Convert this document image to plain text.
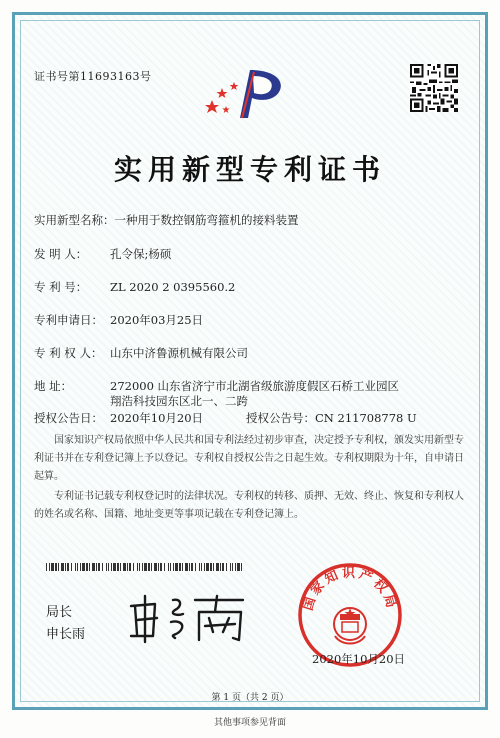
证书号第11693163号
实用新型专利证书
实用新型名称：一种用于数控钢筋弯箍机的接料装置
发 明 人： 孔令保;杨硕
专 利 号： ZL 2020 2 0395560.2
专利申请日： 2020年03月25日
专 利 权 人： 山东中济鲁源机械有限公司
地 址：	272000 山东省济宁市北湖省级旅游度假区石桥工业园区
翔浩科技园东区北一、二跨
授权公告日： 2020年10月20日	授权公告号：CN 211708778 U
国家知识产权局依照中华人民共和国专利法经过初步审查，决定授予专利权，颁发实用新型专利证书并在专利登记簿上予以登记。专利权自授权公告之日起生效。专利权期限为十年，自申请日起算。
专利证书记载专利权登记时的法律状况。专利权的转移、质押、无效、终止、恢复和专利权人的姓名或名称、国籍、地址变更等事项记载在专利登记簿上。
局长
申长雨
国家知识产权局
2020年10月20日
第 1 页（共 2 页）
其他事项参见背面
